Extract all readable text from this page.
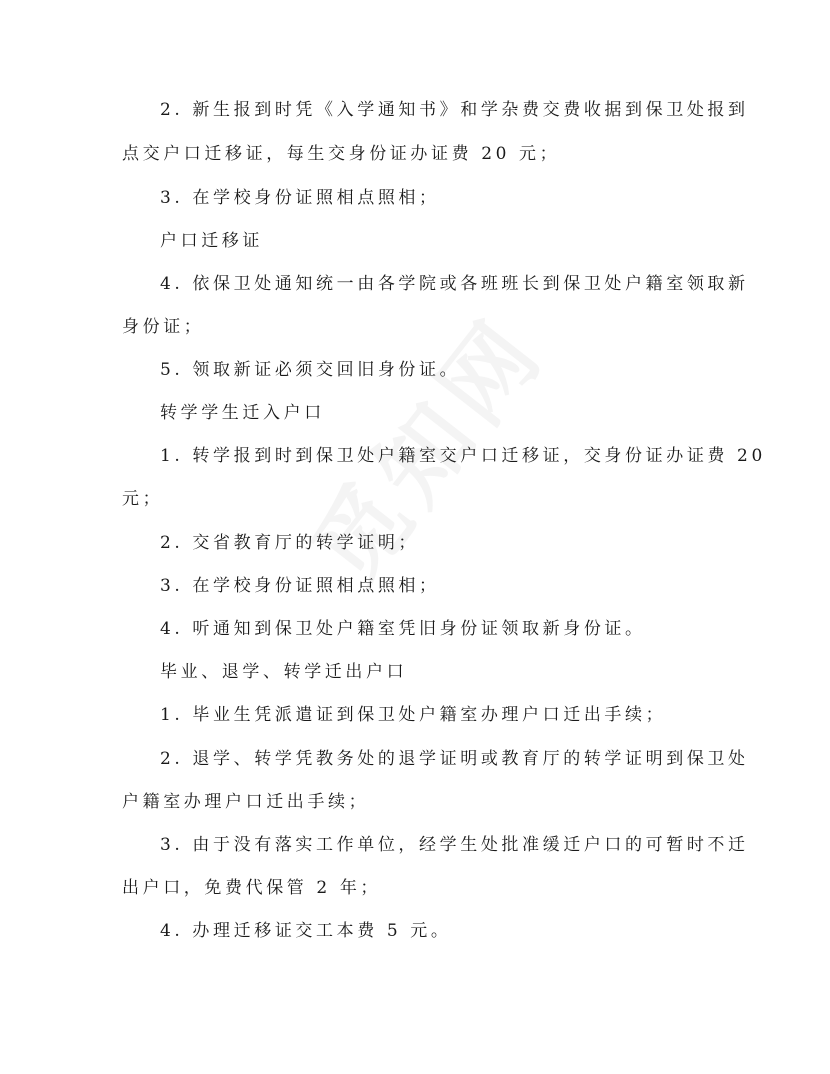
2. 新生报到时凭《入学通知书》和学杂费交费收据到保卫处报到
点交户口迁移证，每生交身份证办证费 20 元；
3. 在学校身份证照相点照相；
户口迁移证
4. 依保卫处通知统一由各学院或各班班长到保卫处户籍室领取新
身份证；
5. 领取新证必须交回旧身份证。
转学学生迁入户口
1. 转学报到时到保卫处户籍室交户口迁移证，交身份证办证费 20
元；
2. 交省教育厅的转学证明；
3. 在学校身份证照相点照相；
4. 听通知到保卫处户籍室凭旧身份证领取新身份证。
毕业、退学、转学迁出户口
1. 毕业生凭派遣证到保卫处户籍室办理户口迁出手续；
2. 退学、转学凭教务处的退学证明或教育厅的转学证明到保卫处
户籍室办理户口迁出手续；
3. 由于没有落实工作单位，经学生处批准缓迁户口的可暂时不迁
出户口，免费代保管 2 年；
4. 办理迁移证交工本费 5 元。
